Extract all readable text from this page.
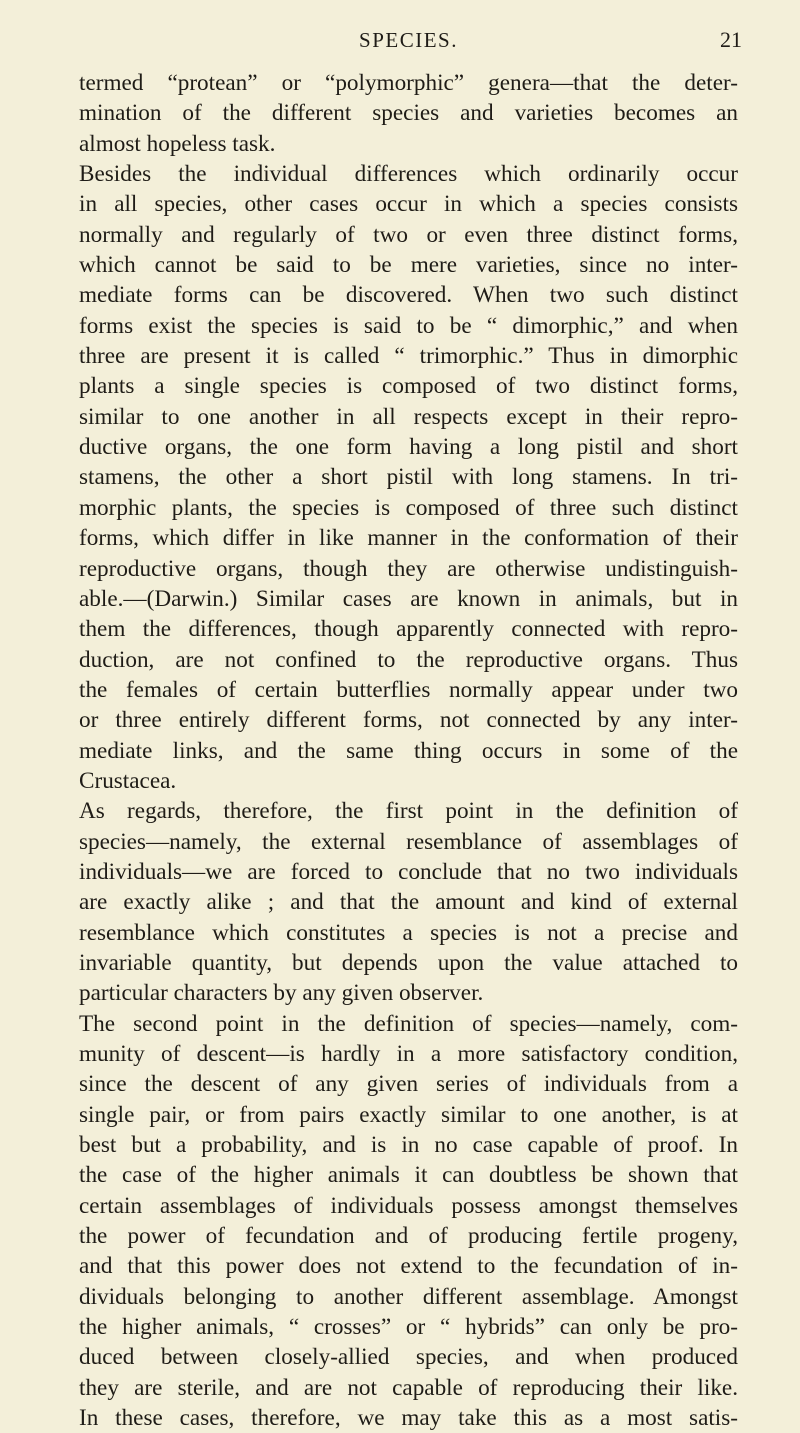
SPECIES.	21
termed “protean” or “polymorphic” genera—that the deter-
mination of the different species and varieties becomes an
almost hopeless task.
Besides the individual differences which ordinarily occur
in all species, other cases occur in which a species consists
normally and regularly of two or even three distinct forms,
which cannot be said to be mere varieties, since no inter-
mediate forms can be discovered. When two such distinct
forms exist the species is said to be “ dimorphic,” and when
three are present it is called “ trimorphic.” Thus in dimorphic
plants a single species is composed of two distinct forms,
similar to one another in all respects except in their repro-
ductive organs, the one form having a long pistil and short
stamens, the other a short pistil with long stamens. In tri-
morphic plants, the species is composed of three such distinct
forms, which differ in like manner in the conformation of their
reproductive organs, though they are otherwise undistinguish-
able.—(Darwin.) Similar cases are known in animals, but in
them the differences, though apparently connected with repro-
duction, are not confined to the reproductive organs. Thus
the females of certain butterflies normally appear under two
or three entirely different forms, not connected by any inter-
mediate links, and the same thing occurs in some of the
Crustacea.
As regards, therefore, the first point in the definition of
species—namely, the external resemblance of assemblages of
individuals—we are forced to conclude that no two individuals
are exactly alike ; and that the amount and kind of external
resemblance which constitutes a species is not a precise and
invariable quantity, but depends upon the value attached to
particular characters by any given observer.
The second point in the definition of species—namely, com-
munity of descent—is hardly in a more satisfactory condition,
since the descent of any given series of individuals from a
single pair, or from pairs exactly similar to one another, is at
best but a probability, and is in no case capable of proof. In
the case of the higher animals it can doubtless be shown that
certain assemblages of individuals possess amongst themselves
the power of fecundation and of producing fertile progeny,
and that this power does not extend to the fecundation of in-
dividuals belonging to another different assemblage. Amongst
the higher animals, “ crosses” or “ hybrids” can only be pro-
duced between closely-allied species, and when produced
they are sterile, and are not capable of reproducing their like.
In these cases, therefore, we may take this as a most satis-
